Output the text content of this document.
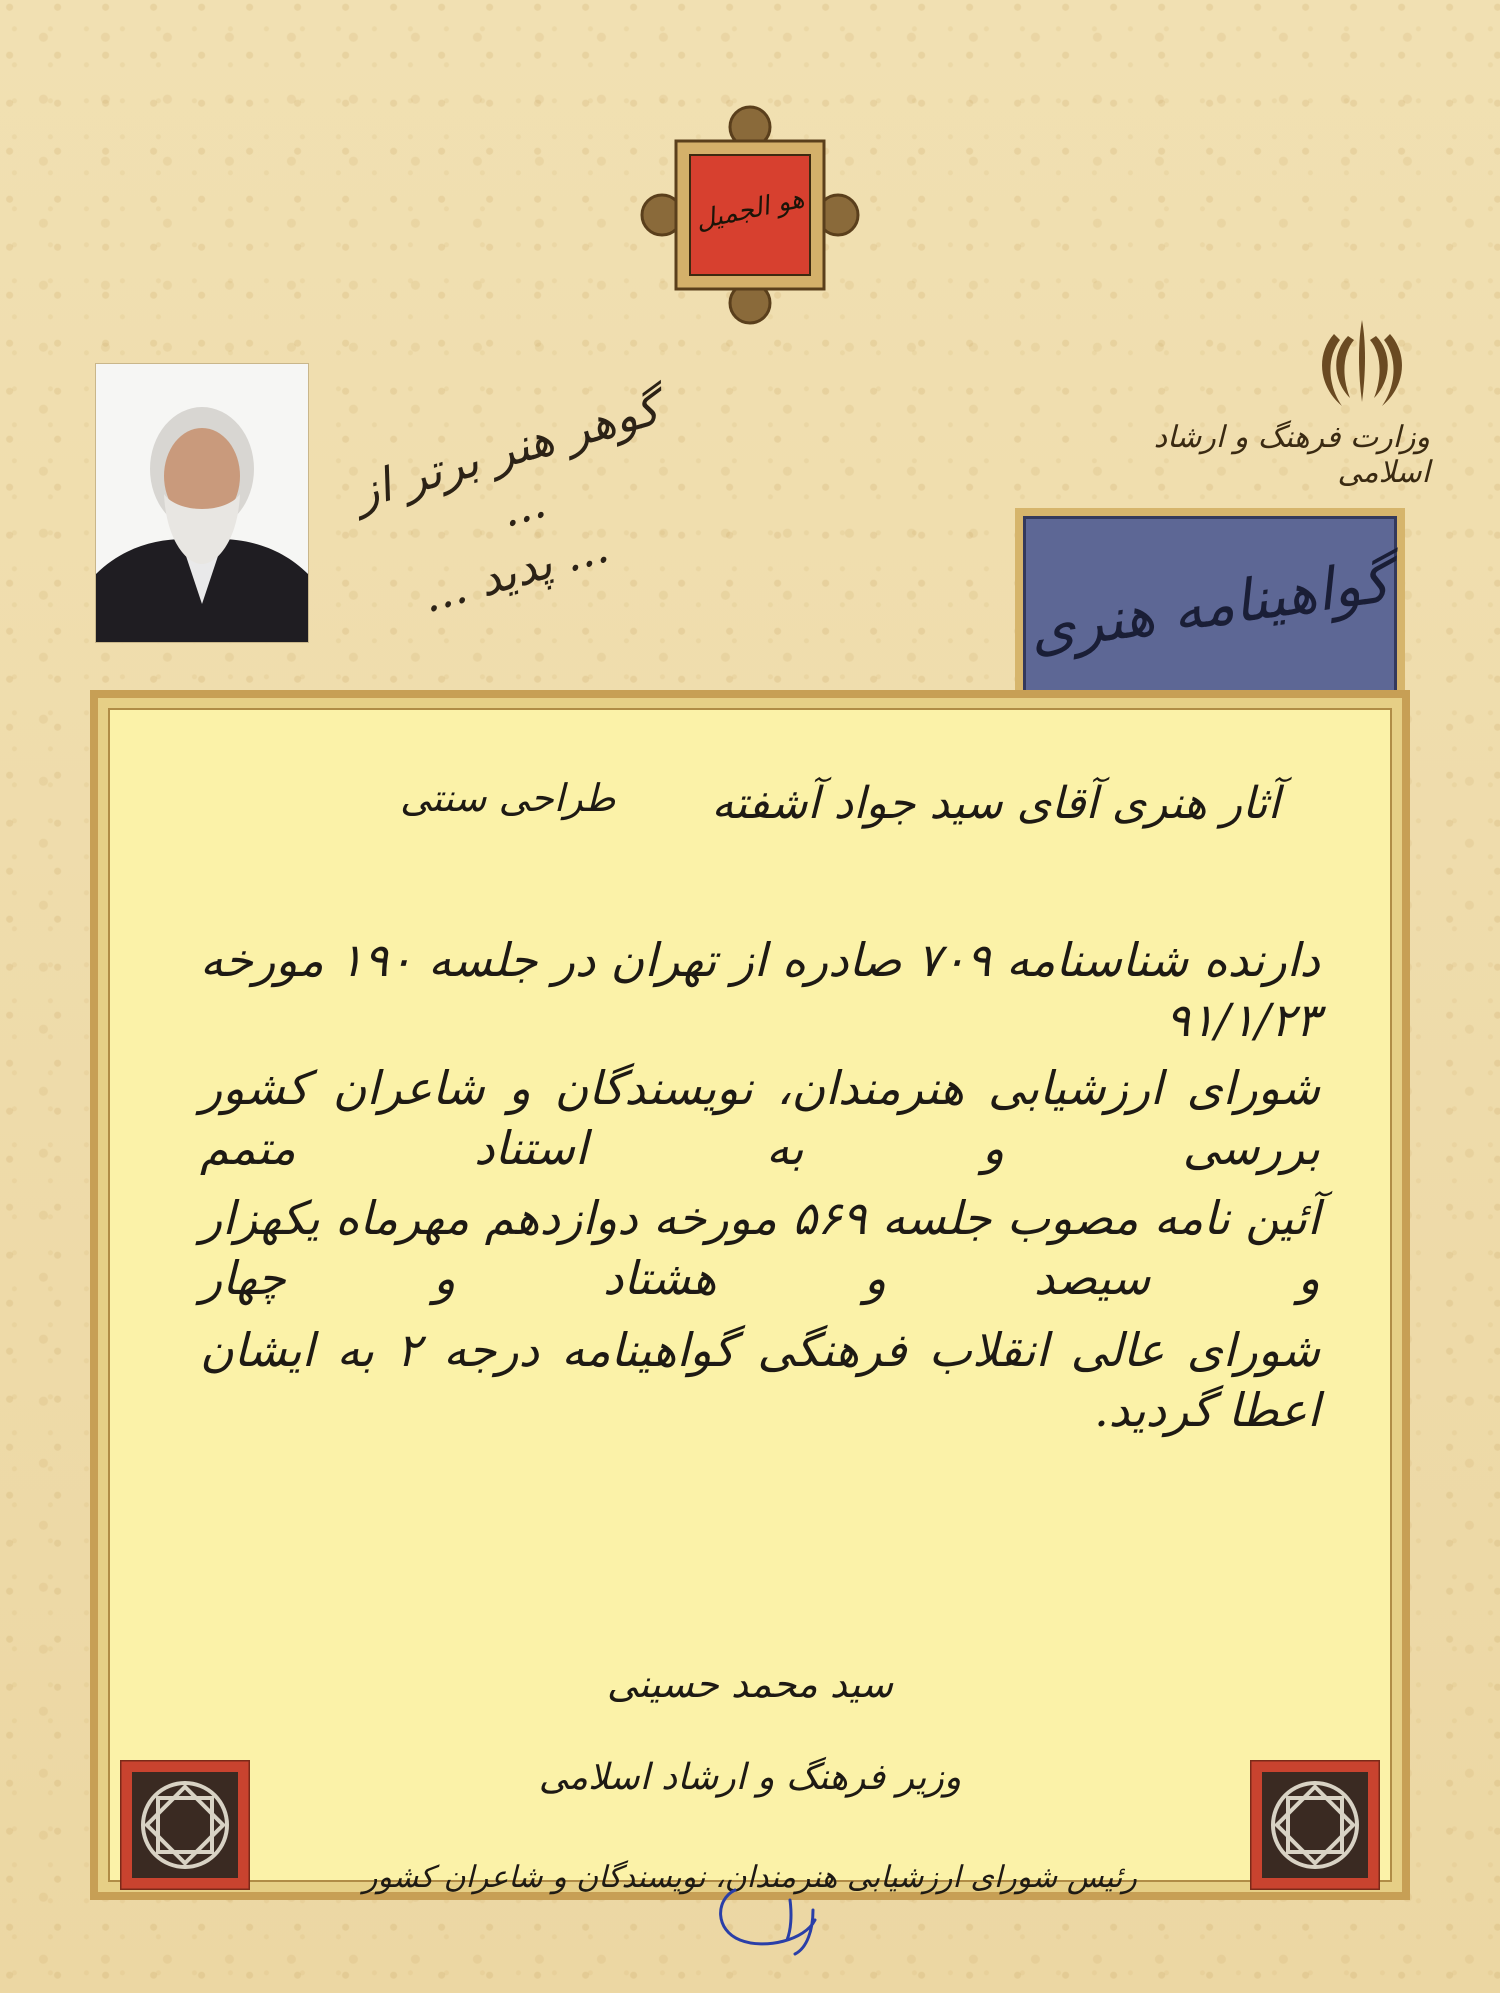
هو الجمیل
وزارت فرهنگ و ارشاد اسلامی
گوهر هنر برتر از ...
... پدید ...	گواهینامه هنری
آثار هنری آقای سید جواد آشفته
طراحی سنتی
دارنده شناسنامه ۷۰۹ صادره از تهران در جلسه ۱۹۰ مورخه ۹۱/۱/۲۳
شورای ارزشیابی هنرمندان، نویسندگان و شاعران کشور بررسی و به استناد متمم
آئین نامه مصوب جلسه ۵۶۹ مورخه دوازدهم مهرماه یکهزار و سیصد و هشتاد و چهار
شورای عالی انقلاب فرهنگی گواهینامه درجه ۲ به ایشان اعطا گردید.
سید محمد حسینی
وزیر فرهنگ و ارشاد اسلامی
رئیس شورای ارزشیابی هنرمندان، نویسندگان و شاعران کشور
